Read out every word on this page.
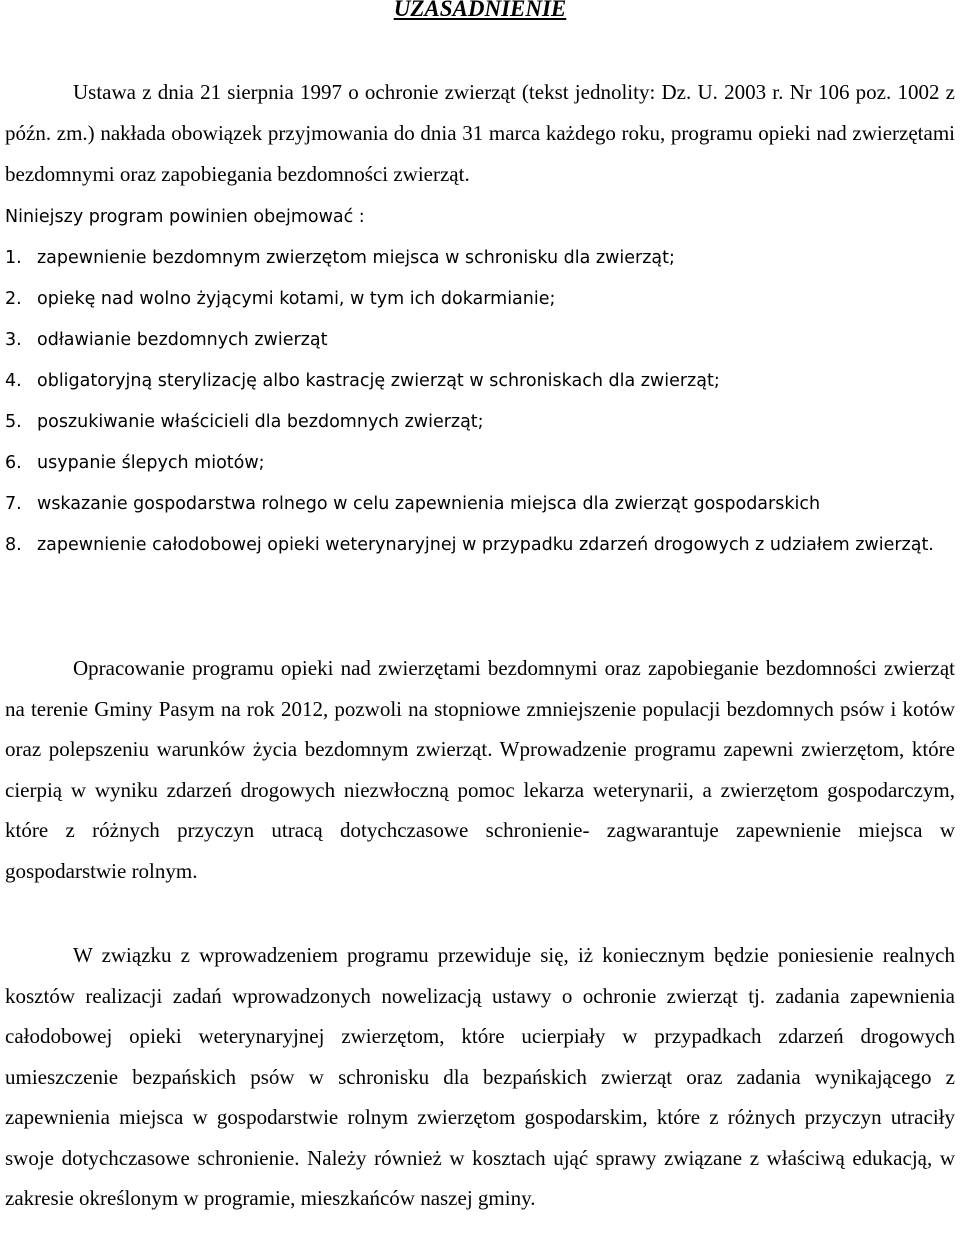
UZASADNIENIE

Ustawa z dnia 21 sierpnia 1997 o ochronie zwierząt (tekst jednolity: Dz. U. 2003 r. Nr 106 poz. 1002 z późn. zm.) nakłada obowiązek przyjmowania do dnia 31 marca każdego roku, programu opieki nad zwierzętami bezdomnymi oraz zapobiegania bezdomności zwierząt.

Niniejszy program powinien obejmować :

1. zapewnienie bezdomnym zwierzętom miejsca w schronisku dla zwierząt;
2. opiekę nad wolno żyjącymi kotami, w tym ich dokarmianie;
3. odławianie bezdomnych zwierząt
4. obligatoryjną sterylizację albo kastrację zwierząt w schroniskach dla zwierząt;
5. poszukiwanie właścicieli dla bezdomnych zwierząt;
6. usypanie ślepych miotów;
7. wskazanie gospodarstwa rolnego w celu zapewnienia miejsca dla zwierząt gospodarskich
8. zapewnienie całodobowej opieki weterynaryjnej w przypadku zdarzeń drogowych z udziałem zwierząt.

Opracowanie programu opieki nad zwierzętami bezdomnymi oraz zapobieganie bezdomności zwierząt na terenie Gminy Pasym na rok 2012, pozwoli na stopniowe zmniejszenie populacji bezdomnych psów i kotów oraz polepszeniu warunków życia bezdomnym zwierząt. Wprowadzenie programu zapewni zwierzętom, które cierpią w wyniku zdarzeń drogowych niezwłoczną pomoc lekarza weterynarii, a zwierzętom gospodarczym, które z różnych przyczyn utracą dotychczasowe schronienie- zagwarantuje zapewnienie miejsca w gospodarstwie rolnym.

W związku z wprowadzeniem programu przewiduje się, iż koniecznym będzie poniesienie realnych kosztów realizacji zadań wprowadzonych nowelizacją ustawy o ochronie zwierząt tj. zadania zapewnienia całodobowej opieki weterynaryjnej zwierzętom, które ucierpiały w przypadkach zdarzeń drogowych umieszczenie bezpańskich psów w schronisku dla bezpańskich zwierząt oraz zadania wynikającego z zapewnienia miejsca w gospodarstwie rolnym zwierzętom gospodarskim, które z różnych przyczyn utraciły swoje dotychczasowe schronienie. Należy również w kosztach ująć sprawy związane z właściwą edukacją, w zakresie określonym w programie, mieszkańców naszej gminy.
